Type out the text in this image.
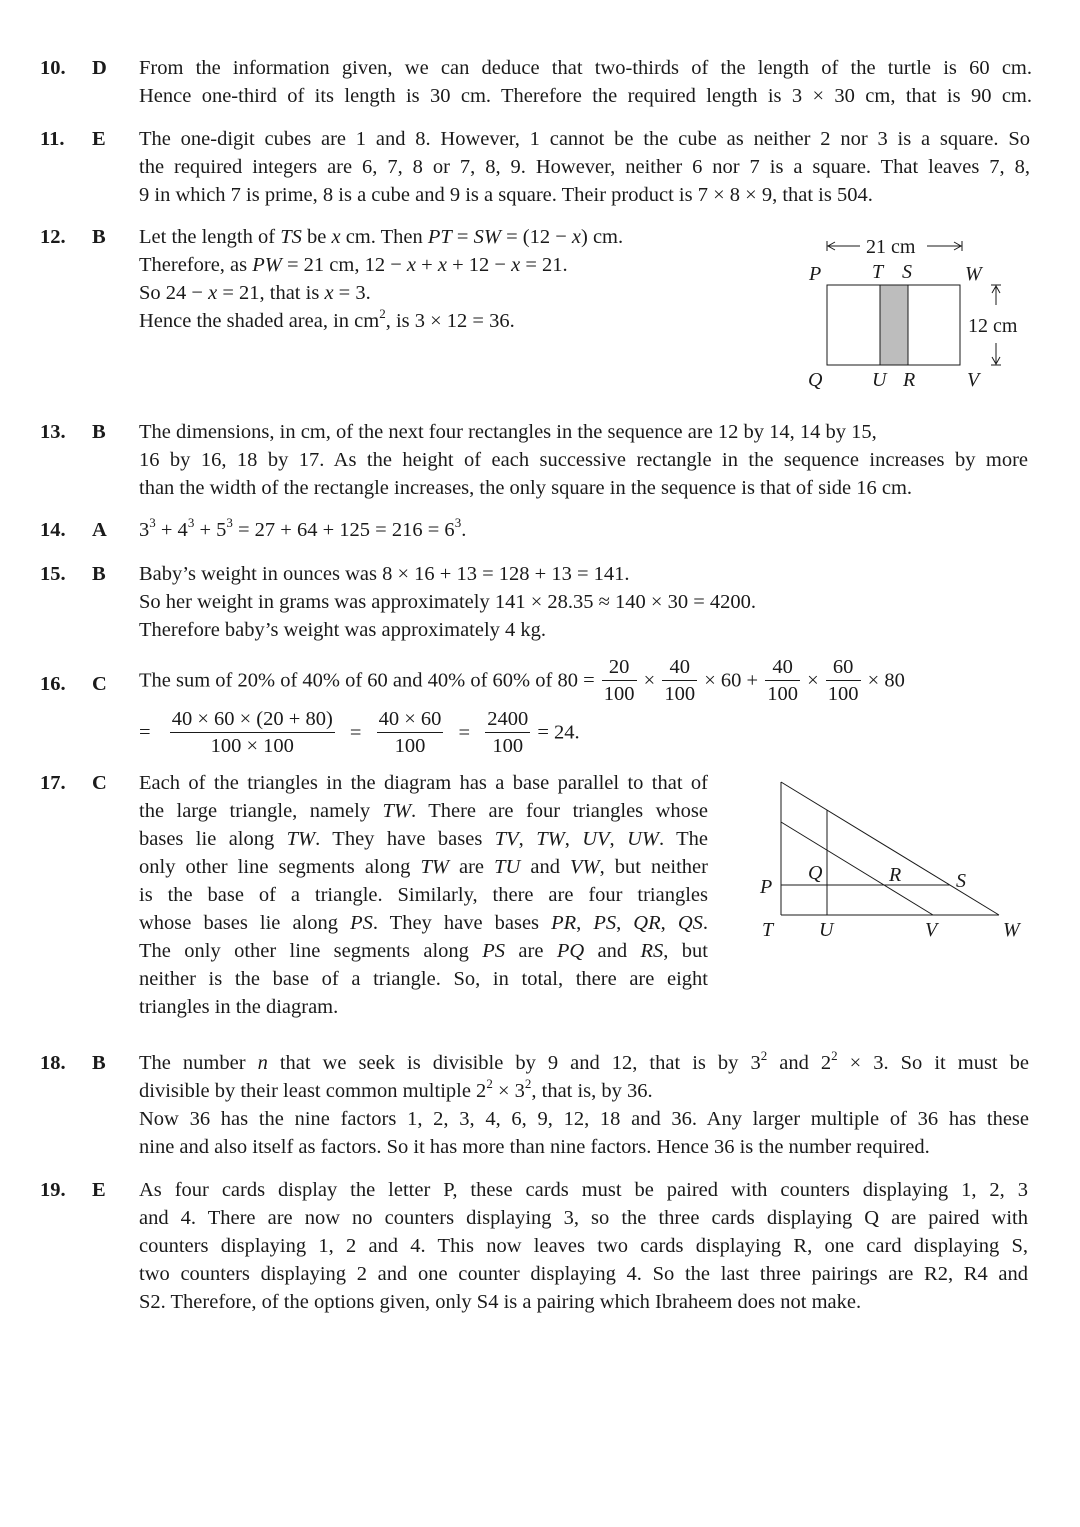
10.	D	From the information given, we can deduce that two-thirds of the length of the turtle is 60 cm.
Hence one-third of its length is 30 cm. Therefore the required length is 3 × 30 cm, that is 90 cm.
11.	E	The one-digit cubes are 1 and 8. However, 1 cannot be the cube as neither 2 nor 3 is a square. So
the required integers are 6, 7, 8 or 7, 8, 9. However, neither 6 nor 7 is a square. That leaves 7, 8,
9 in which 7 is prime, 8 is a cube and 9 is a square. Their product is 7 × 8 × 9, that is 504.
12.	B	Let the length of TS be x cm. Then PT = SW = (12 − x) cm.
Therefore, as PW = 21 cm, 12 − x + x + 12 − x = 21.
So 24 − x = 21, that is x = 3.
Hence the shaded area, in $cm^2$, is 3 × 12 = 36.
21 cm
P	T S	W
12 cm
Q U R	V
13.	B	The dimensions, in cm, of the next four rectangles in the sequence are 12 by 14, 14 by 15,
16 by 16, 18 by 17. As the height of each successive rectangle in the sequence increases by more
than the width of the rectangle increases, the only square in the sequence is that of side 16 cm.
14.	A	$3^3 + 4^3 + 5^3 = 27 + 64 + 125 = 216 = 6^3$.
15.	B	Baby’s weight in ounces was 8 × 16 + 13 = 128 + 13 = 141.
So her weight in grams was approximately 141 × 28.35 ≈ 140 × 30 = 4200.
Therefore baby’s weight was approximately 4 kg.
16.	C	The sum of 20% of 40% of 60 and 40% of 60% of $80 = \frac{20}{100} \times \frac{40}{100} \times 60 + \frac{40}{100} \times \frac{60}{100} \times 80$
= $\frac{40 \times 60 \times (20 + 80)}{100 \times 100} = \frac{40 \times 60}{100} = \frac{2400}{100} = 24$.
17.	C	Each of the triangles in the diagram has a base parallel to that of
the large triangle, namely TW. There are four triangles whose
bases lie along TW. They have bases TV, TW, UV, UW. The
only other line segments along TW are TU and VW, but neither
is the base of a triangle. Similarly, there are four triangles
whose bases lie along PS. They have bases PR, PS, QR, QS.
The only other line segments along PS are PQ and RS, but
neither is the base of a triangle. So, in total, there are eight
triangles in the diagram.
P
Q	R	S
T U	V	W
18.	B	The number n that we seek is divisible by 9 and 12, that is by $3^2$ and $2^2 \times 3$. So it must be
divisible by their least common multiple $2^2 \times 3^2$, that is, by 36.
Now 36 has the nine factors 1, 2, 3, 4, 6, 9, 12, 18 and 36. Any larger multiple of 36 has these
nine and also itself as factors. So it has more than nine factors. Hence 36 is the number required.
19.	E	As four cards display the letter P, these cards must be paired with counters displaying 1, 2, 3
and 4. There are now no counters displaying 3, so the three cards displaying Q are paired with
counters displaying 1, 2 and 4. This now leaves two cards displaying R, one card displaying S,
two counters displaying 2 and one counter displaying 4. So the last three pairings are R2, R4 and
S2. Therefore, of the options given, only S4 is a pairing which Ibraheem does not make.
